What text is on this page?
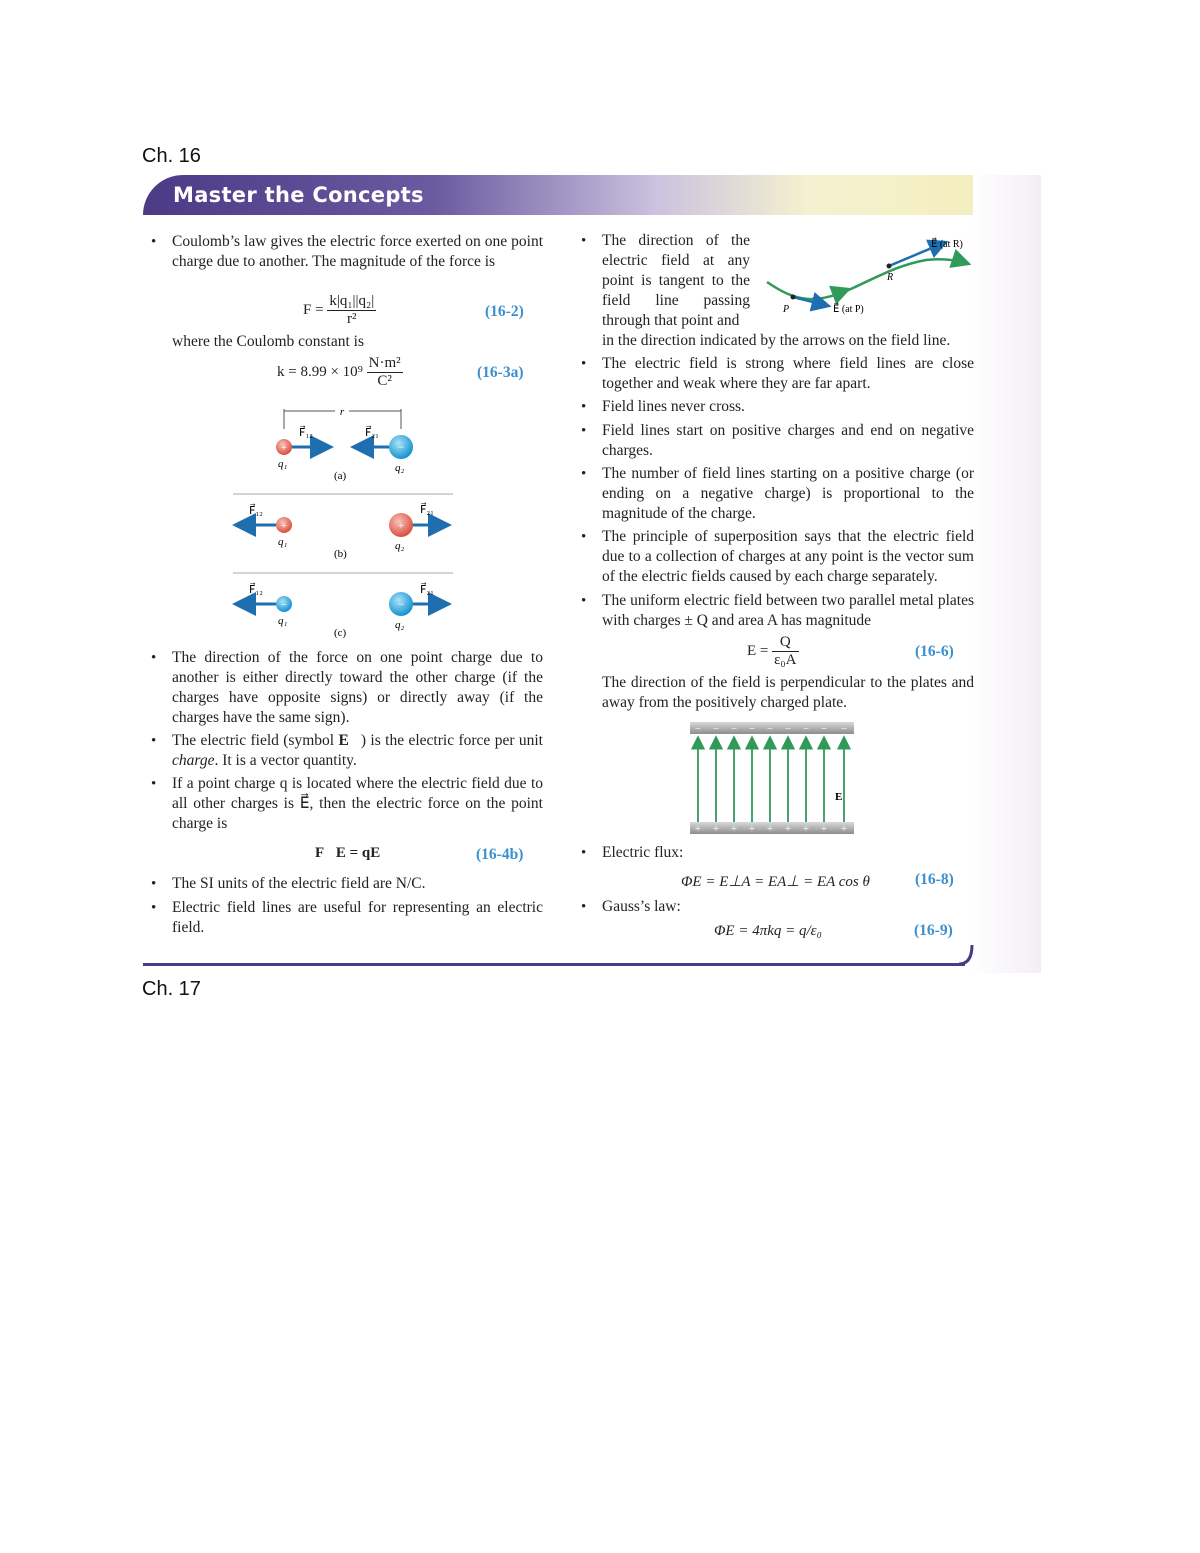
Ch. 16
Master the Concepts
• Coulomb’s law gives the electric force exerted on one point charge due to another. The magnitude of the force is
$F = \frac{\text{k|q₁||q₂|}}{\text{r²}}$	(16-2)
where the Coulomb constant is
$k = 8.99 \times 10^9 \frac{\text{N·m²}}{\text{C²}}$	(16-3a)
r
+	−
F⃗₁₂	F⃗₂₁
q₁	q₂
(a)
+	+
F⃗₁₂	F⃗₂₁
q₁	q₂
(b)
−	−
F⃗₁₂	F⃗₂₁
q₁	q₂
(c)
• The direction of the force on one point charge due to another is either directly toward the other charge (if the charges have opposite signs) or directly away (if the charges have the same sign).
• The electric field (symbol E⃗) is the electric force per unit charge. It is a vector quantity.
• If a point charge q is located where the electric field due to all other charges is E⃗, then the electric force on the point charge is
F⃗E = qE⃗	(16-4b)
• The SI units of the electric field are N/C.
• Electric field lines are useful for representing an electric field.
• The direction of the electric field at any point is tangent to the field line passing through that point and
in the direction indicated by the arrows on the field line.
P
R
E⃗ (at P)
E⃗ (at R)
• The electric field is strong where field lines are close together and weak where they are far apart.
• Field lines never cross.
• Field lines start on positive charges and end on negative charges.
• The number of field lines starting on a positive charge (or ending on a negative charge) is proportional to the magnitude of the charge.
• The principle of superposition says that the electric field due to a collection of charges at any point is the vector sum of the electric fields caused by each charge separately.
• The uniform electric field between two parallel metal plates with charges ± Q and area A has magnitude
$E = \frac{Q}{\text{ε₀A}}$	(16-6)
The direction of the field is perpendicular to the plates and away from the positively charged plate.
− − − − − − − − −
+ + + + + + + + +
E⃗
• Electric flux:
ΦE = E⊥A = EA⊥ = EA cos θ	(16-8)
• Gauss’s law:
ΦE = 4πkq = q/ε₀	(16-9)
Ch. 17
